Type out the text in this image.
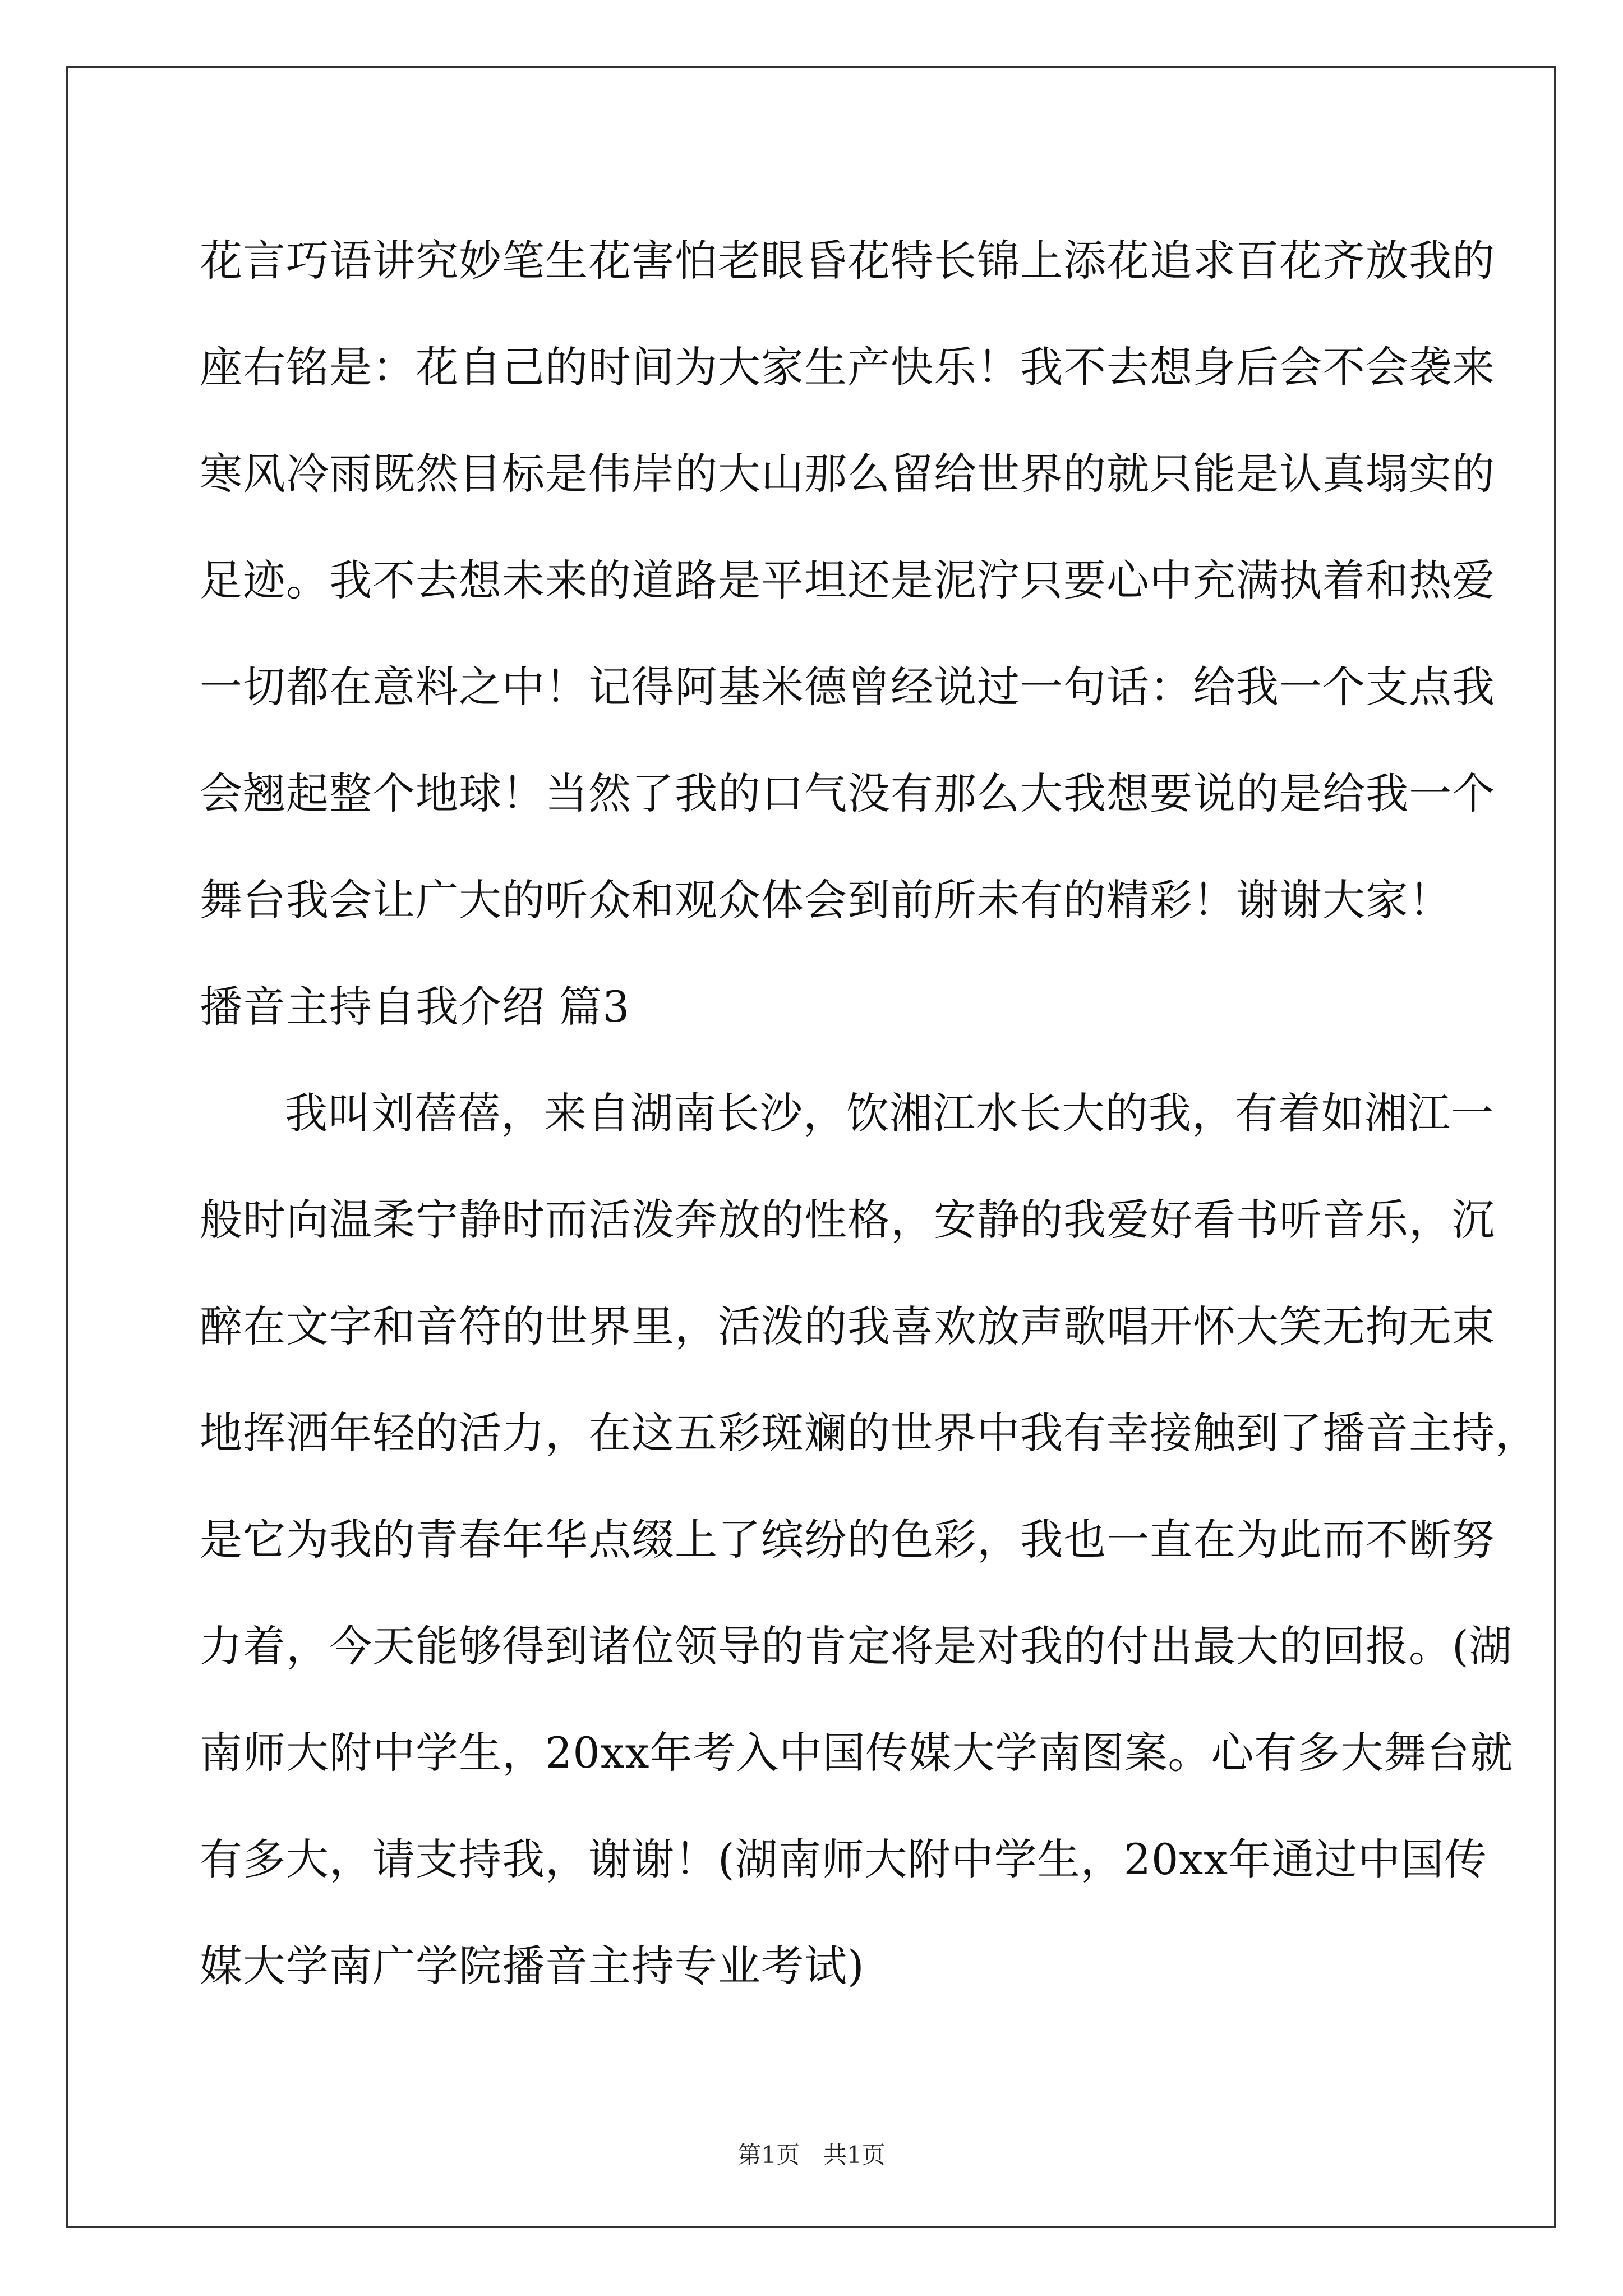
花言巧语讲究妙笔生花害怕老眼昏花特长锦上添花追求百花齐放我的
座右铭是：花自己的时间为大家生产快乐！我不去想身后会不会袭来
寒风冷雨既然目标是伟岸的大山那么留给世界的就只能是认真塌实的
足迹。我不去想未来的道路是平坦还是泥泞只要心中充满执着和热爱
一切都在意料之中！记得阿基米德曾经说过一句话：给我一个支点我
会翘起整个地球！当然了我的口气没有那么大我想要说的是给我一个
舞台我会让广大的听众和观众体会到前所未有的精彩！谢谢大家！
播音主持自我介绍 篇3
我叫刘蓓蓓，来自湖南长沙，饮湘江水长大的我，有着如湘江一
般时向温柔宁静时而活泼奔放的性格，安静的我爱好看书听音乐，沉
醉在文字和音符的世界里，活泼的我喜欢放声歌唱开怀大笑无拘无束
地挥洒年轻的活力，在这五彩斑斓的世界中我有幸接触到了播音主持，
是它为我的青春年华点缀上了缤纷的色彩，我也一直在为此而不断努
力着，今天能够得到诸位领导的肯定将是对我的付出最大的回报。(湖
南师大附中学生，20xx年考入中国传媒大学南图案。心有多大舞台就
有多大，请支持我，谢谢！(湖南师大附中学生，20xx年通过中国传
媒大学南广学院播音主持专业考试)
第1页　共1页
